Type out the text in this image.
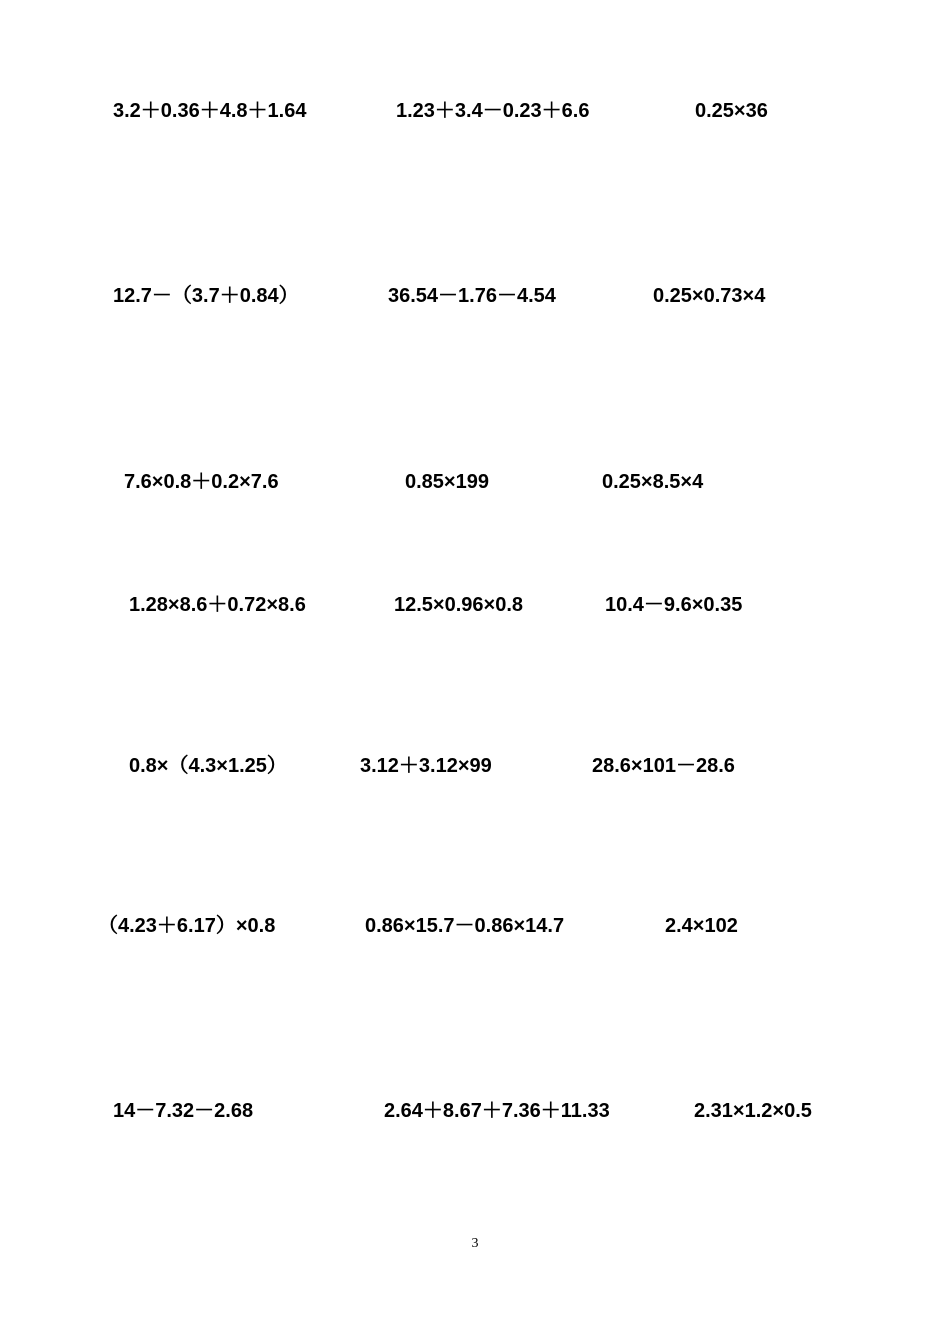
3.2＋0.36＋4.8＋1.64	1.23＋3.4－0.23＋6.6	0.25×36
12.7－（3.7＋0.84）	36.54－1.76－4.54	0.25×0.73×4
7.6×0.8＋0.2×7.6	0.85×199	0.25×8.5×4
1.28×8.6＋0.72×8.6	12.5×0.96×0.8	10.4－9.6×0.35
0.8×（4.3×1.25）	3.12＋3.12×99	28.6×101－28.6
（4.23＋6.17）×0.8	0.86×15.7－0.86×14.7	2.4×102
14－7.32－2.68	2.64＋8.67＋7.36＋11.33	2.31×1.2×0.5
3
